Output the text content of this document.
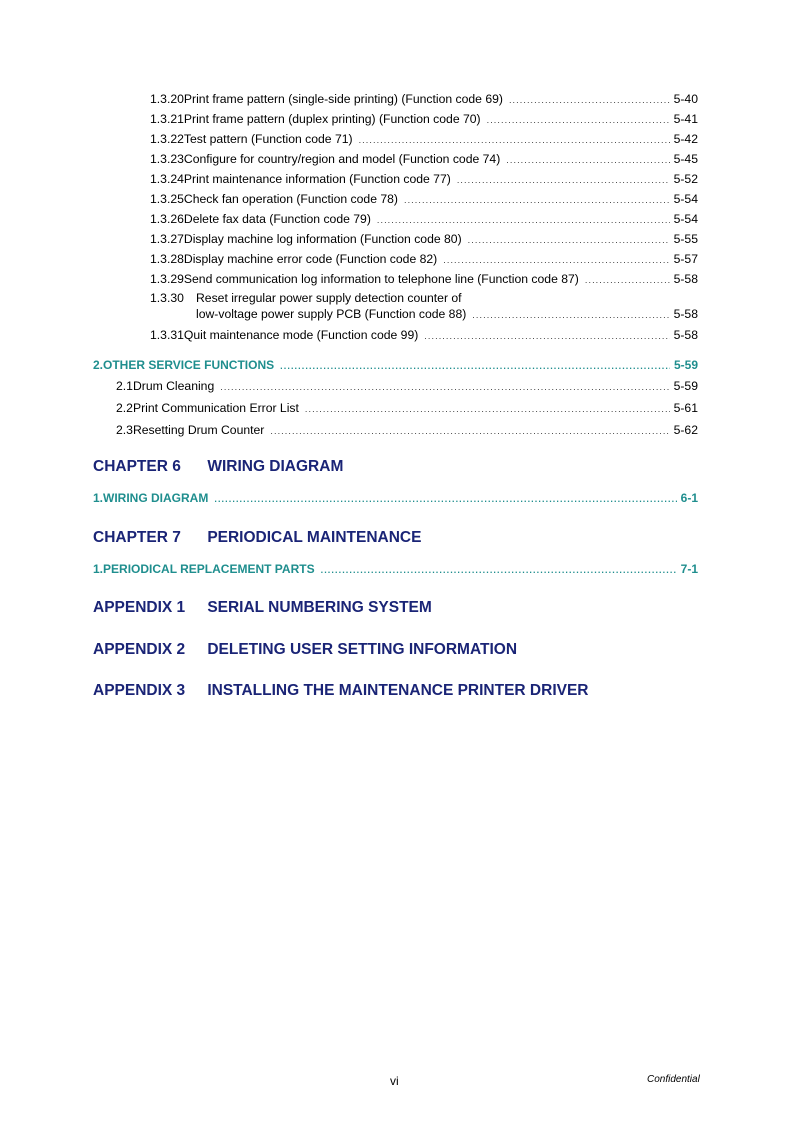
1.3.20 Print frame pattern (single-side printing) (Function code 69) .....	5-40
1.3.21 Print frame pattern (duplex printing) (Function code 70) .....	5-41
1.3.22 Test pattern (Function code 71) .....	5-42
1.3.23 Configure for country/region and model (Function code 74) .....	5-45
1.3.24 Print maintenance information (Function code 77) .....	5-52
1.3.25 Check fan operation (Function code 78) .....	5-54
1.3.26 Delete fax data (Function code 79) .....	5-54
1.3.27 Display machine log information (Function code 80) .....	5-55
1.3.28 Display machine error code (Function code 82) .....	5-57
1.3.29 Send communication log information to telephone line (Function code 87) .....	5-58
1.3.30 Reset irregular power supply detection counter of
low-voltage power supply PCB (Function code 88) .....	5-58
1.3.31 Quit maintenance mode (Function code 99) .....	5-58
2. OTHER SERVICE FUNCTIONS .....	5-59
2.1 Drum Cleaning .....	5-59
2.2 Print Communication Error List .....	5-61
2.3 Resetting Drum Counter .....	5-62
CHAPTER 6 WIRING DIAGRAM
1. WIRING DIAGRAM .....	6-1
CHAPTER 7 PERIODICAL MAINTENANCE
1. PERIODICAL REPLACEMENT PARTS .....	7-1
APPENDIX 1 SERIAL NUMBERING SYSTEM
APPENDIX 2 DELETING USER SETTING INFORMATION
APPENDIX 3 INSTALLING THE MAINTENANCE PRINTER DRIVER
vi	Confidential
